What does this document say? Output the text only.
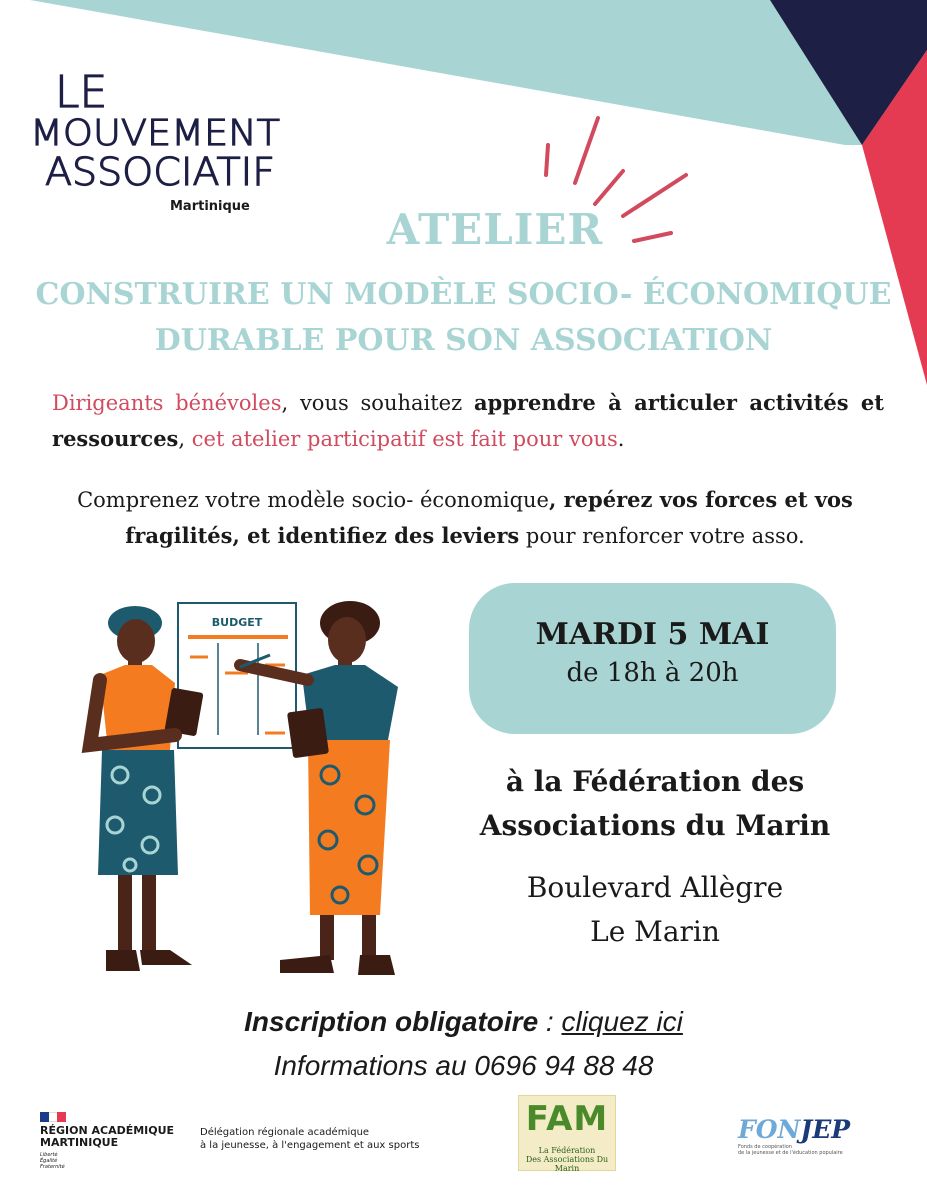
LE
MOUVEMENT
ASSOCIATIF
Martinique	ATELIER
CONSTRUIRE UN MODÈLE SOCIO- ÉCONOMIQUE
DURABLE POUR SON ASSOCIATION
Dirigeants bénévoles, vous souhaitez apprendre à articuler activités et ressources, cet atelier participatif est fait pour vous.
Comprenez votre modèle socio- économique, repérez vos forces et vos fragilités, et identifiez des leviers pour renforcer votre asso.
BUDGET	MARDI 5 MAI
de 18h à 20h
à la Fédération des
Associations du Marin
Boulevard Allègre
Le Marin
Inscription obligatoire : cliquez ici
Informations au 0696 94 88 48
RÉGION ACADÉMIQUE
MARTINIQUE
Liberté
Égalité
Fraternité
Délégation régionale académique
à la jeunesse, à l'engagement et aux sports
FAM
La Fédération
Des Associations Du Marin
FONJEP
Fonds de coopération
de la jeunesse et de l'éducation populaire
